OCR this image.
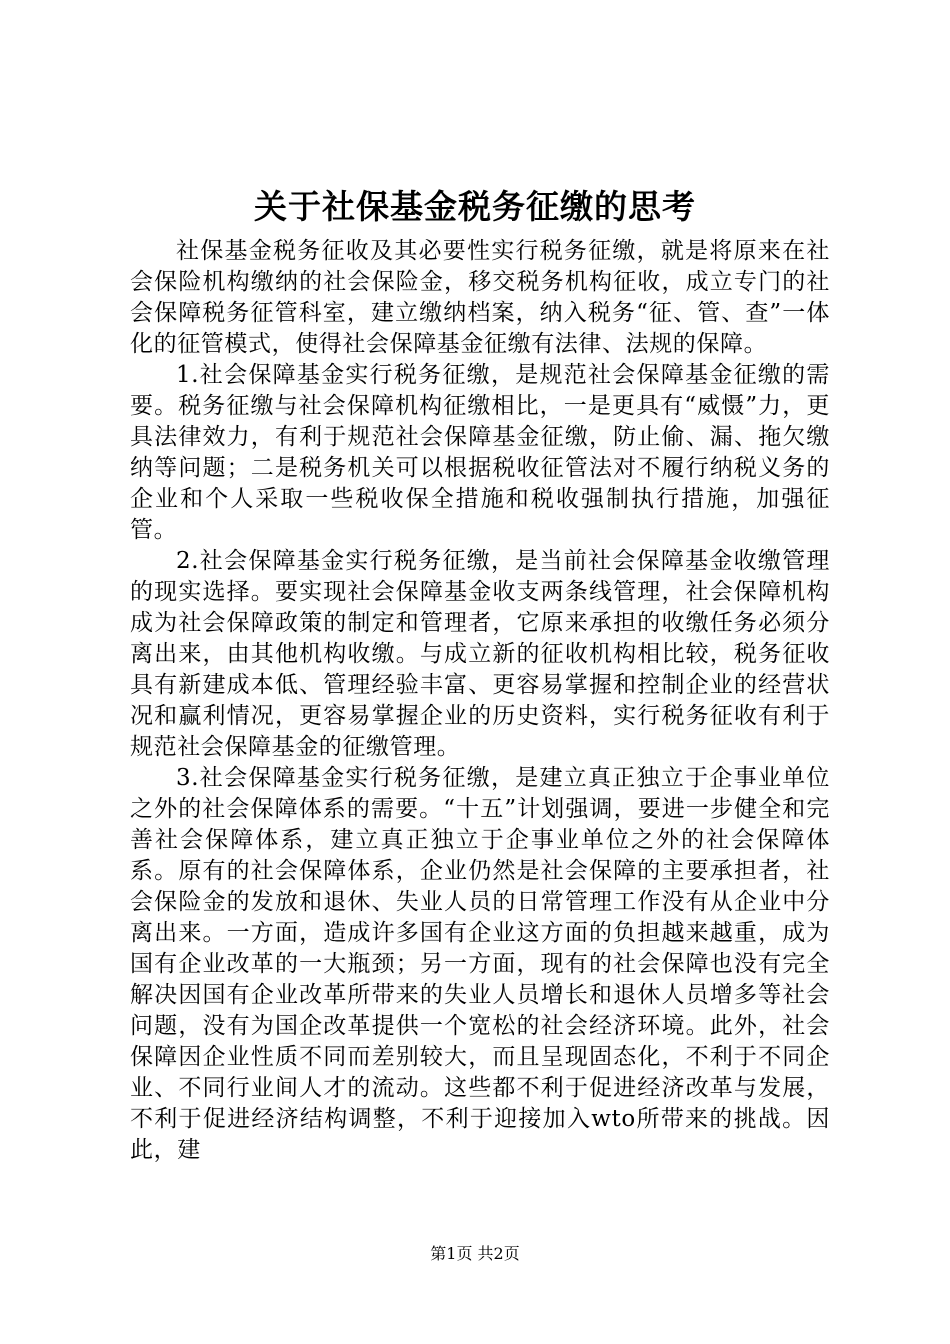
关于社保基金税务征缴的思考

社保基金税务征收及其必要性实行税务征缴，就是将原来在社会保险机构缴纳的社会保险金，移交税务机构征收，成立专门的社会保障税务征管科室，建立缴纳档案，纳入税务“征、管、查”一体化的征管模式，使得社会保障基金征缴有法律、法规的保障。

1.社会保障基金实行税务征缴，是规范社会保障基金征缴的需要。税务征缴与社会保障机构征缴相比，一是更具有“威慑”力，更具法律效力，有利于规范社会保障基金征缴，防止偷、漏、拖欠缴纳等问题；二是税务机关可以根据税收征管法对不履行纳税义务的企业和个人采取一些税收保全措施和税收强制执行措施，加强征管。

2.社会保障基金实行税务征缴，是当前社会保障基金收缴管理的现实选择。要实现社会保障基金收支两条线管理，社会保障机构成为社会保障政策的制定和管理者，它原来承担的收缴任务必须分离出来，由其他机构收缴。与成立新的征收机构相比较，税务征收具有新建成本低、管理经验丰富、更容易掌握和控制企业的经营状况和赢利情况，更容易掌握企业的历史资料，实行税务征收有利于规范社会保障基金的征缴管理。

3.社会保障基金实行税务征缴，是建立真正独立于企事业单位之外的社会保障体系的需要。“十五”计划强调，要进一步健全和完善社会保障体系，建立真正独立于企事业单位之外的社会保障体系。原有的社会保障体系，企业仍然是社会保障的主要承担者，社会保险金的发放和退休、失业人员的日常管理工作没有从企业中分离出来。一方面，造成许多国有企业这方面的负担越来越重，成为国有企业改革的一大瓶颈；另一方面，现有的社会保障也没有完全解决因国有企业改革所带来的失业人员增长和退休人员增多等社会问题，没有为国企改革提供一个宽松的社会经济环境。此外，社会保障因企业性质不同而差别较大，而且呈现固态化，不利于不同企业、不同行业间人才的流动。这些都不利于促进经济改革与发展，不利于促进经济结构调整，不利于迎接加入wto所带来的挑战。因此，建

第1页 共2页
